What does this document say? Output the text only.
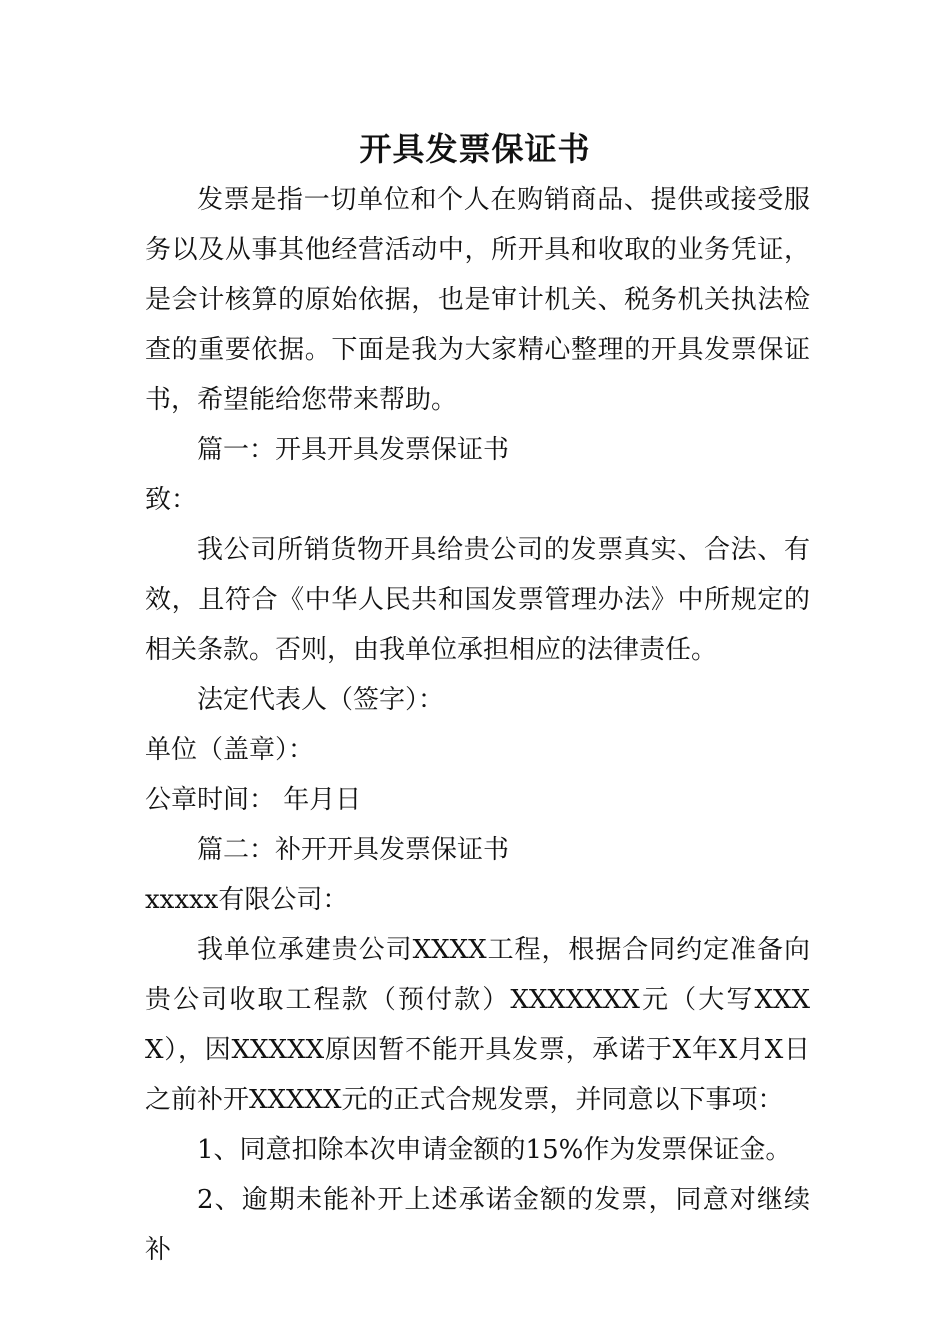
开具发票保证书

发票是指一切单位和个人在购销商品、提供或接受服务以及从事其他经营活动中，所开具和收取的业务凭证，是会计核算的原始依据，也是审计机关、税务机关执法检查的重要依据。下面是我为大家精心整理的开具发票保证书，希望能给您带来帮助。

篇一：开具开具发票保证书

致：

我公司所销货物开具给贵公司的发票真实、合法、有效，且符合《中华人民共和国发票管理办法》中所规定的相关条款。否则，由我单位承担相应的法律责任。

法定代表人（签字）：

单位（盖章）：

公章时间： 年月日

篇二：补开开具发票保证书

xxxxx有限公司：

我单位承建贵公司XXXX工程，根据合同约定准备向贵公司收取工程款（预付款）XXXXXXX元（大写XXXX），因XXXXX原因暂不能开具发票，承诺于X年X月X日之前补开XXXXX元的正式合规发票，并同意以下事项：

1、同意扣除本次申请金额的15%作为发票保证金。

2、逾期未能补开上述承诺金额的发票，同意对继续补
